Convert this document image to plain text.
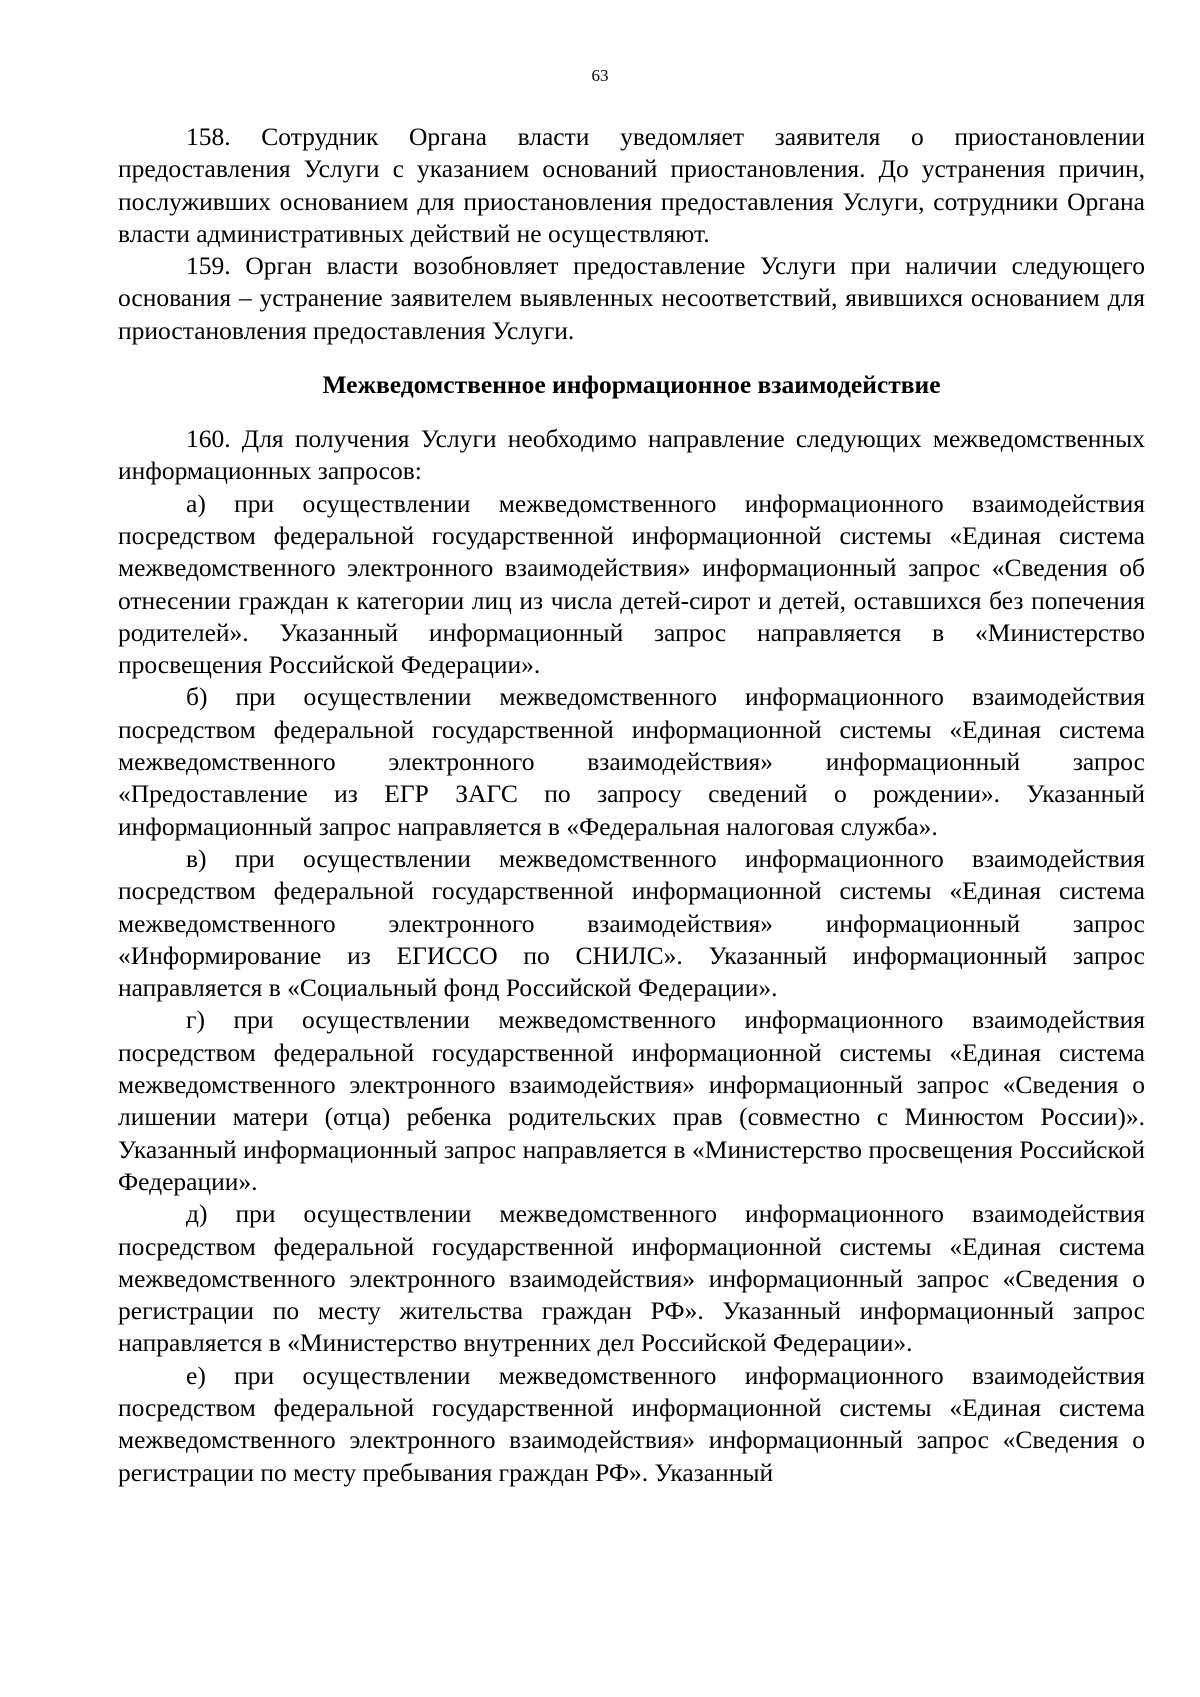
63

158. Сотрудник Органа власти уведомляет заявителя о приостановлении предоставления Услуги с указанием оснований приостановления. До устранения причин, послуживших основанием для приостановления предоставления Услуги, сотрудники Органа власти административных действий не осуществляют.

159. Орган власти возобновляет предоставление Услуги при наличии следующего основания – устранение заявителем выявленных несоответствий, явившихся основанием для приостановления предоставления Услуги.

Межведомственное информационное взаимодействие

160. Для получения Услуги необходимо направление следующих межведомственных информационных запросов:

а) при осуществлении межведомственного информационного взаимодействия посредством федеральной государственной информационной системы «Единая система межведомственного электронного взаимодействия» информационный запрос «Сведения об отнесении граждан к категории лиц из числа детей-сирот и детей, оставшихся без попечения родителей». Указанный информационный запрос направляется в «Министерство просвещения Российской Федерации».

б) при осуществлении межведомственного информационного взаимодействия посредством федеральной государственной информационной системы «Единая система межведомственного электронного взаимодействия» информационный запрос «Предоставление из ЕГР ЗАГС по запросу сведений о рождении». Указанный информационный запрос направляется в «Федеральная налоговая служба».

в) при осуществлении межведомственного информационного взаимодействия посредством федеральной государственной информационной системы «Единая система межведомственного электронного взаимодействия» информационный запрос «Информирование из ЕГИССО по СНИЛС». Указанный информационный запрос направляется в «Социальный фонд Российской Федерации».

г) при осуществлении межведомственного информационного взаимодействия посредством федеральной государственной информационной системы «Единая система межведомственного электронного взаимодействия» информационный запрос «Сведения о лишении матери (отца) ребенка родительских прав (совместно с Минюстом России)». Указанный информационный запрос направляется в «Министерство просвещения Российской Федерации».

д) при осуществлении межведомственного информационного взаимодействия посредством федеральной государственной информационной системы «Единая система межведомственного электронного взаимодействия» информационный запрос «Сведения о регистрации по месту жительства граждан РФ». Указанный информационный запрос направляется в «Министерство внутренних дел Российской Федерации».

е) при осуществлении межведомственного информационного взаимодействия посредством федеральной государственной информационной системы «Единая система межведомственного электронного взаимодействия» информационный запрос «Сведения о регистрации по месту пребывания граждан РФ». Указанный
